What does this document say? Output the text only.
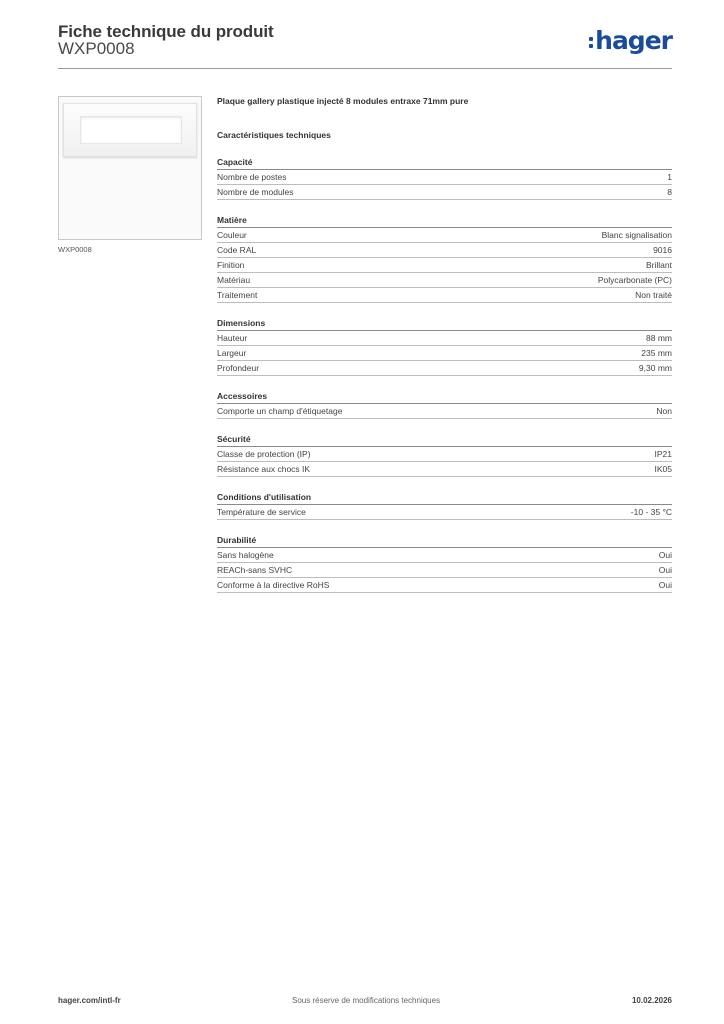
Fiche technique du produit
WXP0008	hager
WXP0008
Plaque gallery plastique injecté 8 modules entraxe 71mm pure
Caractéristiques techniques
Capacité
Nombre de postes	1
Nombre de modules	8
Matière
Couleur	Blanc signalisation
Code RAL	9016
Finition	Brillant
Matériau	Polycarbonate (PC)
Traitement	Non traité
Dimensions
Hauteur	88 mm
Largeur	235 mm
Profondeur	9,30 mm
Accessoires
Comporte un champ d'étiquetage	Non
Sécurité
Classe de protection (IP)	IP21
Résistance aux chocs IK	IK05
Conditions d'utilisation
Température de service	-10 - 35 °C
Durabilité
Sans halogène	Oui
REACh-sans SVHC	Oui
Conforme à la directive RoHS	Oui
hager.com/intl-fr	Sous réserve de modifications techniques	10.02.2026
